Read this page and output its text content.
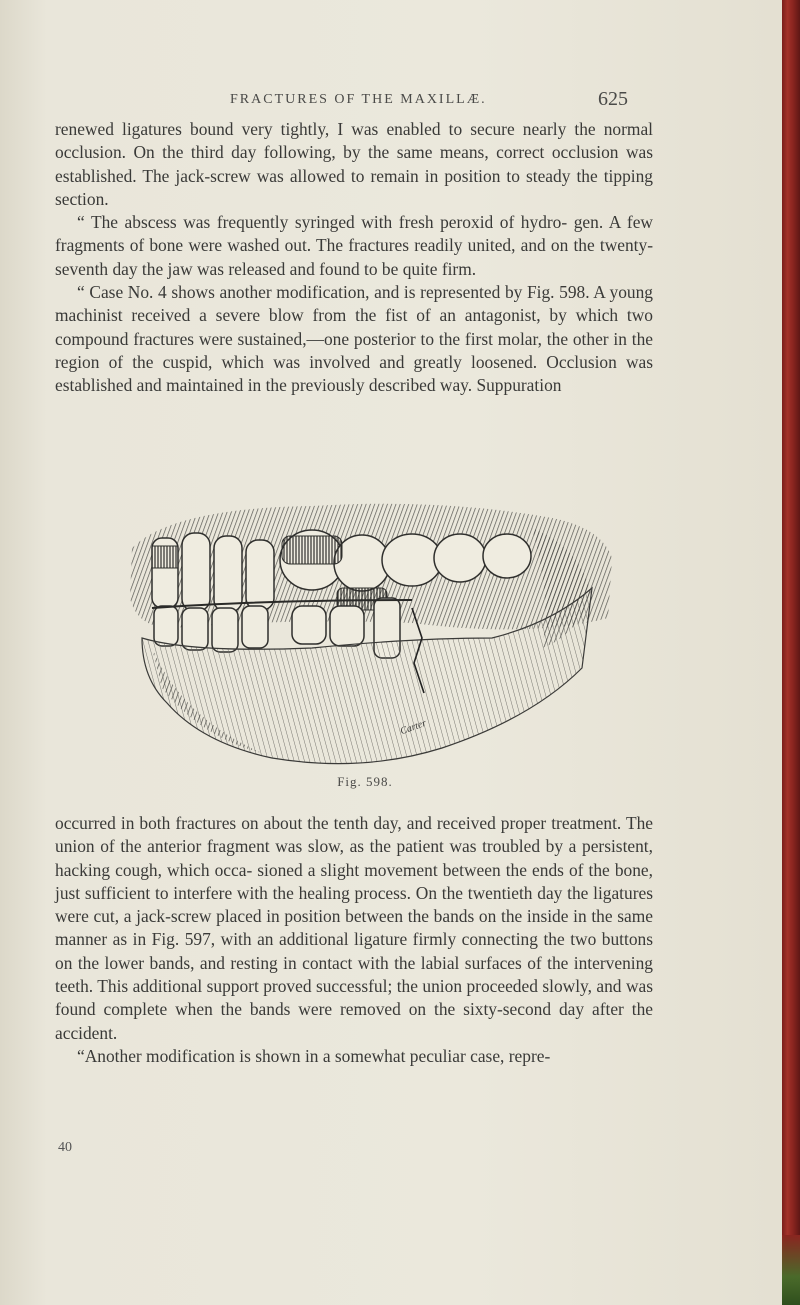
FRACTURES OF THE MAXILLÆ.	625

renewed ligatures bound very tightly, I was enabled to secure nearly the normal occlusion. On the third day following, by the same means, correct occlusion was established. The jack-screw was allowed to remain in position to steady the tipping section.

“ The abscess was frequently syringed with fresh peroxid of hydro- gen. A few fragments of bone were washed out. The fractures readily united, and on the twenty-seventh day the jaw was released and found to be quite firm.

“ Case No. 4 shows another modification, and is represented by Fig. 598. A young machinist received a severe blow from the fist of an antagonist, by which two compound fractures were sustained,—one posterior to the first molar, the other in the region of the cuspid, which was involved and greatly loosened. Occlusion was established and maintained in the previously described way. Suppuration

Carter
Fig. 598.

occurred in both fractures on about the tenth day, and received proper treatment. The union of the anterior fragment was slow, as the patient was troubled by a persistent, hacking cough, which occa- sioned a slight movement between the ends of the bone, just sufficient to interfere with the healing process. On the twentieth day the ligatures were cut, a jack-screw placed in position between the bands on the inside in the same manner as in Fig. 597, with an additional ligature firmly connecting the two buttons on the lower bands, and resting in contact with the labial surfaces of the intervening teeth. This additional support proved successful; the union proceeded slowly, and was found complete when the bands were removed on the sixty-second day after the accident.

“Another modification is shown in a somewhat peculiar case, repre-

40
